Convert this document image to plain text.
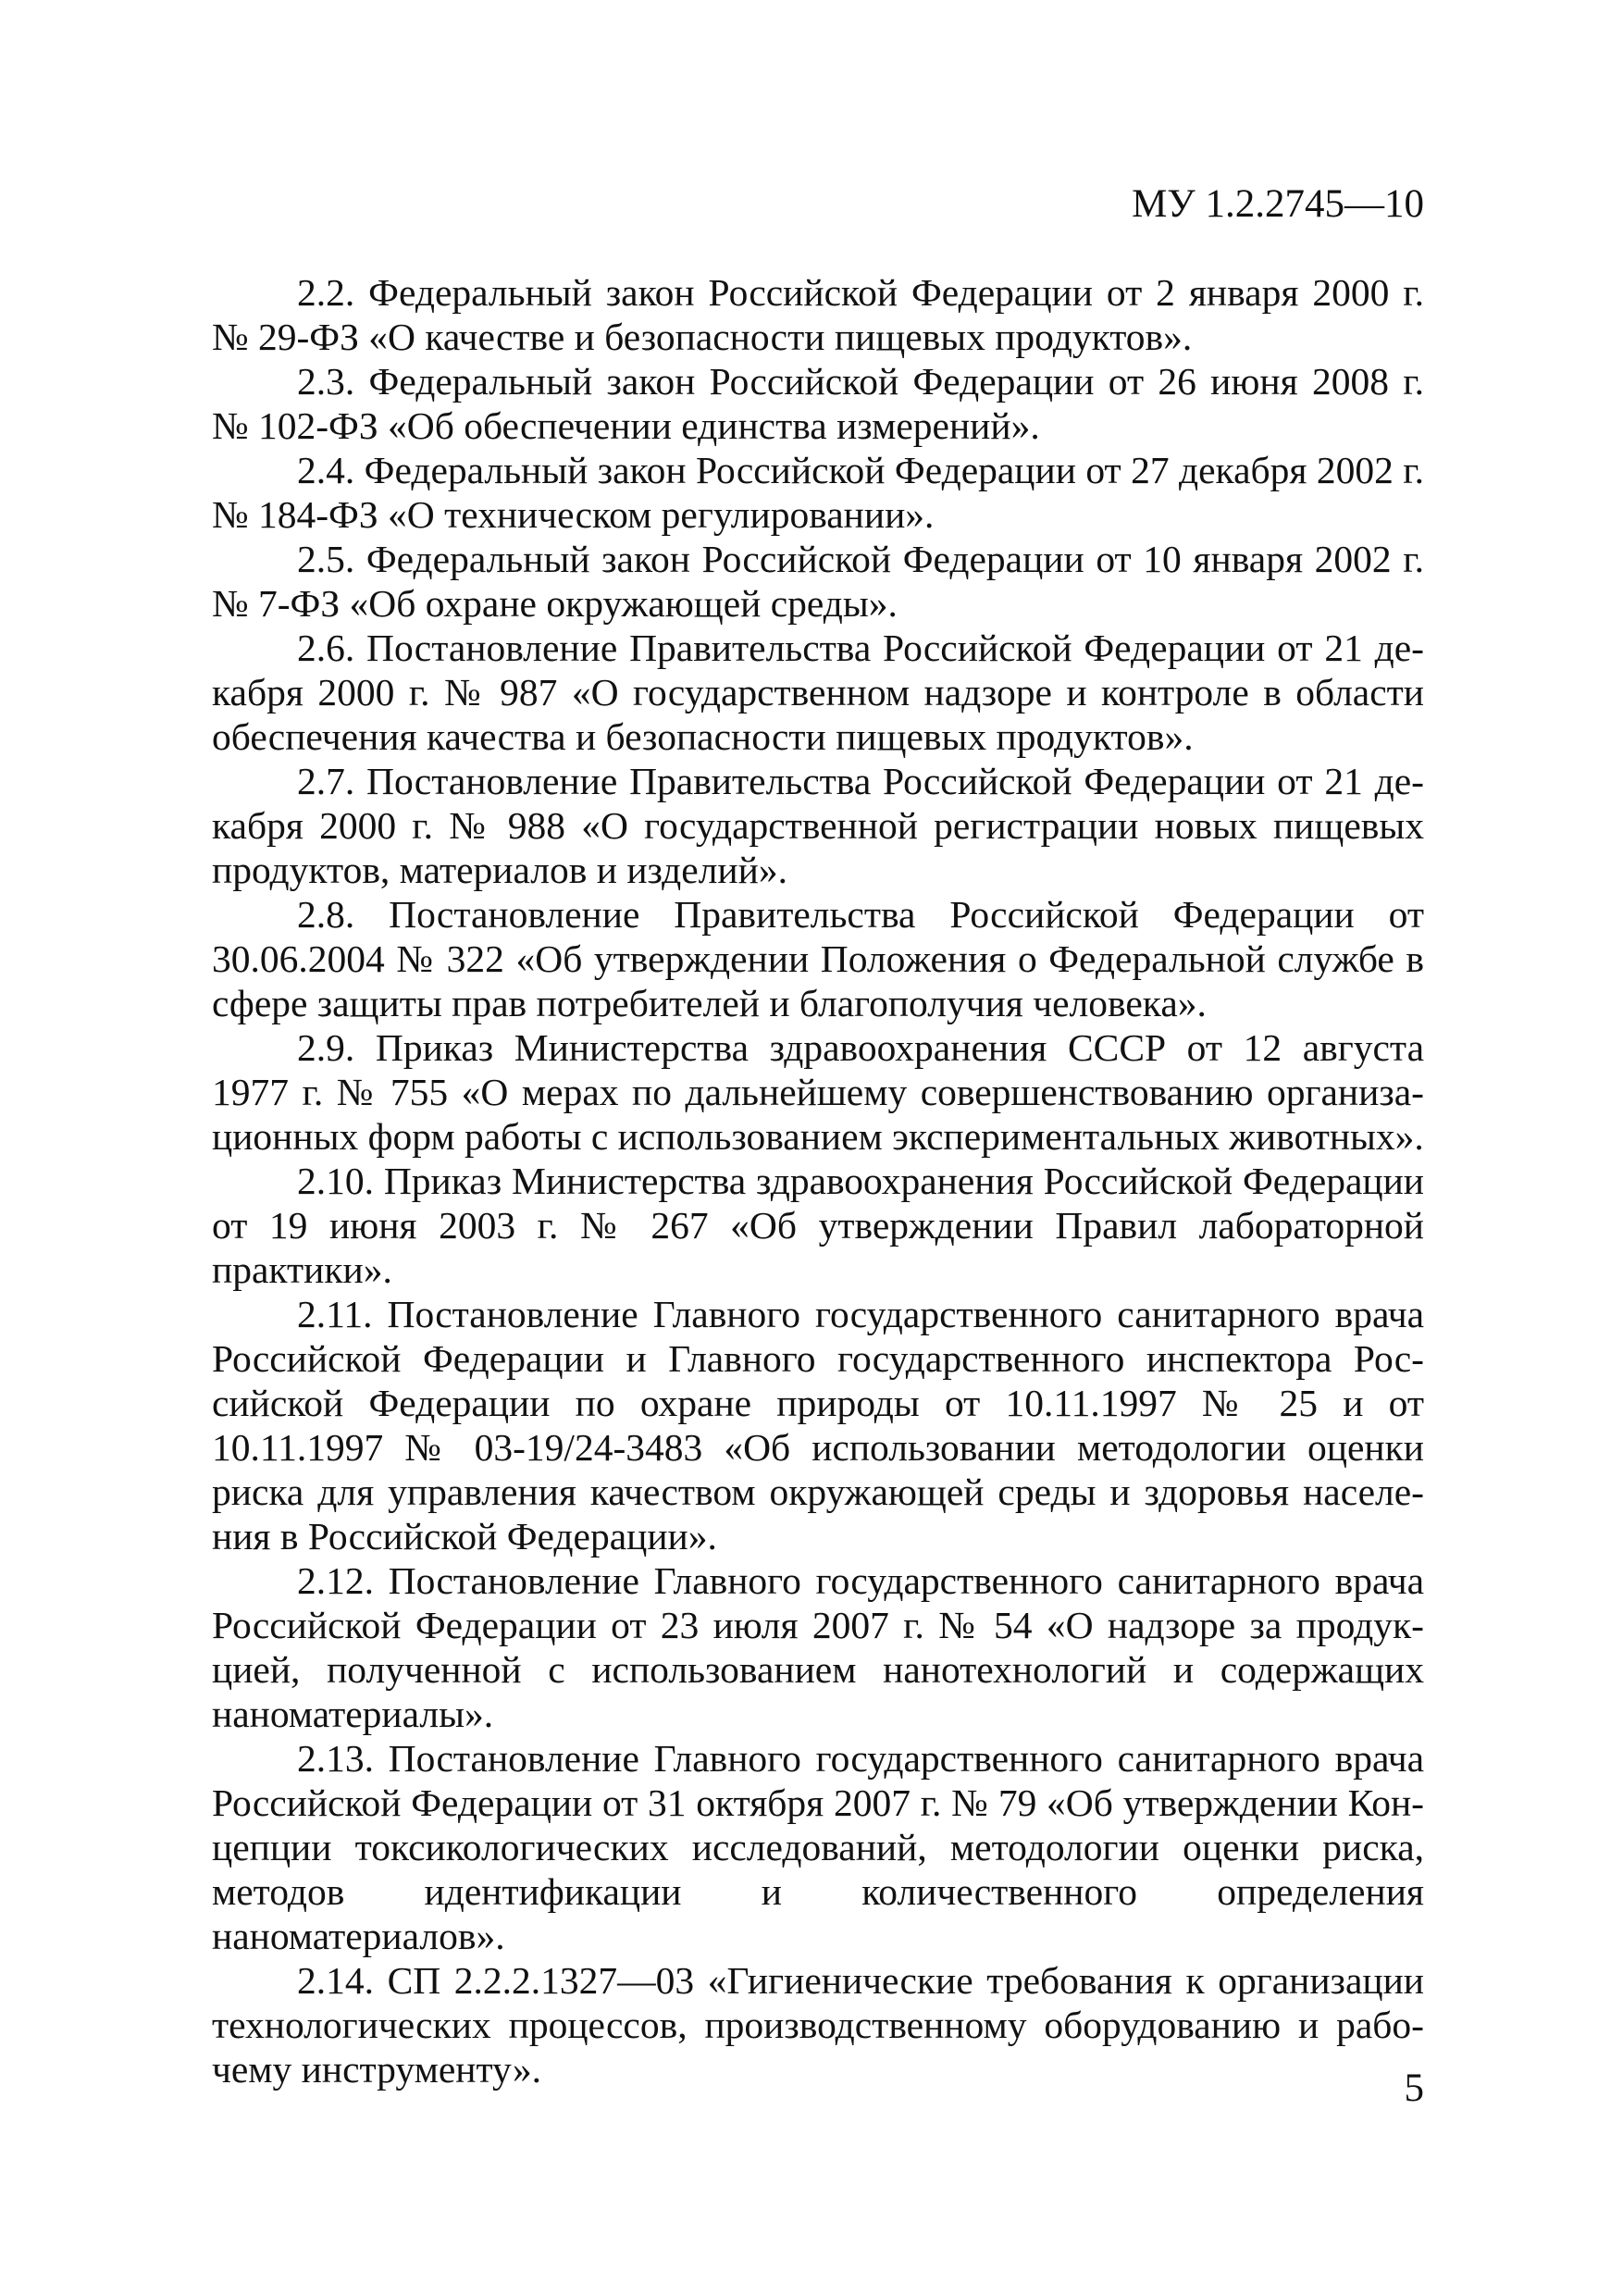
МУ 1.2.2745—10

2.2. Федеральный закон Российской Федерации от 2 января 2000 г. № 29-ФЗ «О качестве и безопасности пищевых продуктов».

2.3. Федеральный закон Российской Федерации от 26 июня 2008 г. № 102-ФЗ «Об обеспечении единства измерений».

2.4. Федеральный закон Российской Федерации от 27 декабря 2002 г. № 184-ФЗ «О техническом регулировании».

2.5. Федеральный закон Российской Федерации от 10 января 2002 г. № 7-ФЗ «Об охране окружающей среды».

2.6. Постановление Правительства Российской Федерации от 21 декабря 2000 г. № 987 «О государственном надзоре и контроле в области обеспечения качества и безопасности пищевых продуктов».

2.7. Постановление Правительства Российской Федерации от 21 декабря 2000 г. № 988 «О государственной регистрации новых пищевых продуктов, материалов и изделий».

2.8. Постановление Правительства Российской Федерации от 30.06.2004 № 322 «Об утверждении Положения о Федеральной службе в сфере защиты прав потребителей и благополучия человека».

2.9. Приказ Министерства здравоохранения СССР от 12 августа 1977 г. № 755 «О мерах по дальнейшему совершенствованию организационных форм работы с использованием экспериментальных животных».

2.10. Приказ Министерства здравоохранения Российской Федерации от 19 июня 2003 г. № 267 «Об утверждении Правил лабораторной практики».

2.11. Постановление Главного государственного санитарного врача Российской Федерации и Главного государственного инспектора Российской Федерации по охране природы от 10.11.1997 № 25 и от 10.11.1997 № 03-19/24-3483 «Об использовании методологии оценки риска для управления качеством окружающей среды и здоровья населения в Российской Федерации».

2.12. Постановление Главного государственного санитарного врача Российской Федерации от 23 июля 2007 г. № 54 «О надзоре за продукцией, полученной с использованием нанотехнологий и содержащих наноматериалы».

2.13. Постановление Главного государственного санитарного врача Российской Федерации от 31 октября 2007 г. № 79 «Об утверждении Концепции токсикологических исследований, методологии оценки риска, методов идентификации и количественного определения наноматериалов».

2.14. СП 2.2.2.1327—03 «Гигиенические требования к организации технологических процессов, производственному оборудованию и рабочему инструменту».	5
